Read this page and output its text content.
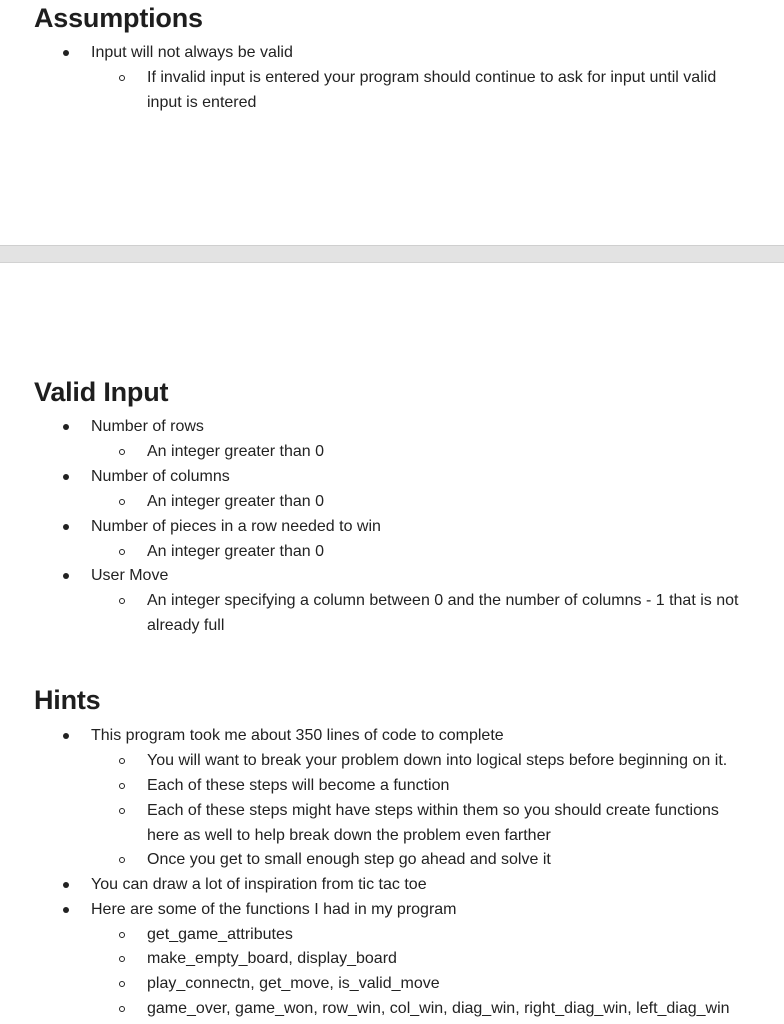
Assumptions
Input will not always be valid
If invalid input is entered your program should continue to ask for input until valid
input is entered
Valid Input
Number of rows
An integer greater than 0
Number of columns
An integer greater than 0
Number of pieces in a row needed to win
An integer greater than 0
User Move
An integer specifying a column between 0 and the number of columns - 1 that is not
already full
Hints
This program took me about 350 lines of code to complete
You will want to break your problem down into logical steps before beginning on it.
Each of these steps will become a function
Each of these steps might have steps within them so you should create functions
here as well to help break down the problem even farther
Once you get to small enough step go ahead and solve it
You can draw a lot of inspiration from tic tac toe
Here are some of the functions I had in my program
get_game_attributes
make_empty_board, display_board
play_connectn, get_move, is_valid_move
game_over, game_won, row_win, col_win, diag_win, right_diag_win, left_diag_win
